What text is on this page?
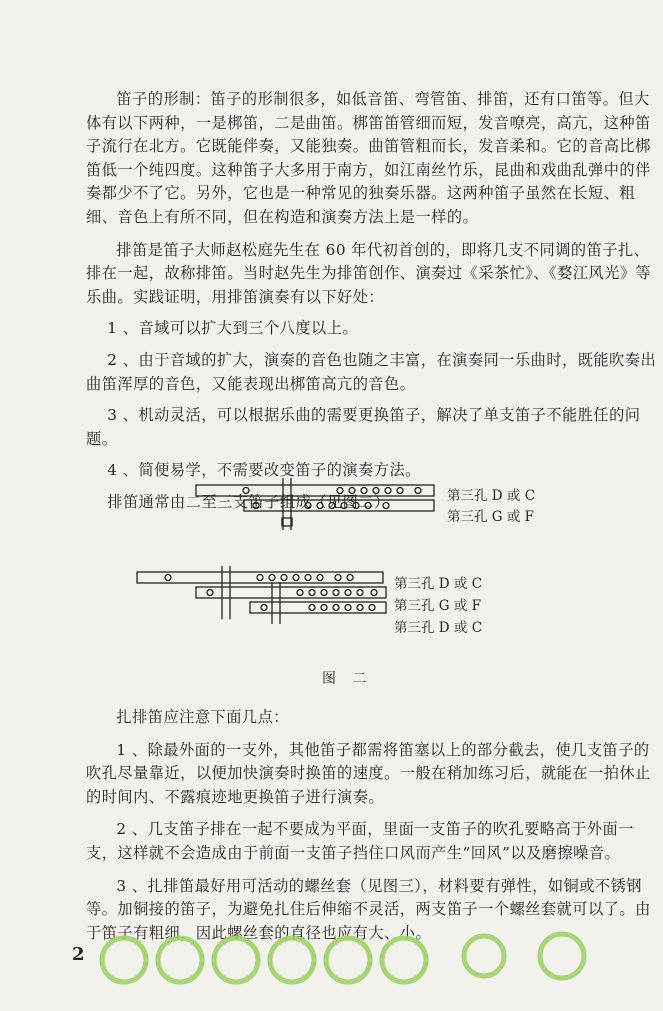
笛子的形制：笛子的形制很多，如低音笛、弯管笛、排笛，还有口笛等。但大体有以下两种，一是梆笛，二是曲笛。梆笛笛管细而短，发音嘹亮，高亢，这种笛子流行在北方。它既能伴奏，又能独奏。曲笛管粗而长，发音柔和。它的音高比梆笛低一个纯四度。这种笛子大多用于南方，如江南丝竹乐，昆曲和戏曲乱弹中的伴奏都少不了它。另外，它也是一种常见的独奏乐器。这两种笛子虽然在长短、粗细、音色上有所不同，但在构造和演奏方法上是一样的。

排笛是笛子大师赵松庭先生在 60 年代初首创的，即将几支不同调的笛子扎、排在一起，故称排笛。当时赵先生为排笛创作、演奏过《采茶忙》、《婺江风光》等乐曲。实践证明，用排笛演奏有以下好处：

1 、音域可以扩大到三个八度以上。

2 、由于音域的扩大，演奏的音色也随之丰富，在演奏同一乐曲时，既能吹奏出曲笛浑厚的音色，又能表现出梆笛高亢的音色。

3 、机动灵活，可以根据乐曲的需要更换笛子，解决了单支笛子不能胜任的问题。

4 、简便易学，不需要改变笛子的演奏方法。

排笛通常由二至三支笛子组成（见图二）	第三孔 D 或 C
第三孔 G 或 F
第三孔 D 或 C
第三孔 G 或 F
第三孔 D 或 C
图 二

扎排笛应注意下面几点：

1 、除最外面的一支外，其他笛子都需将笛塞以上的部分截去，使几支笛子的吹孔尽量靠近，以便加快演奏时换笛的速度。一般在稍加练习后，就能在一拍休止的时间内、不露痕迹地更换笛子进行演奏。

2 、几支笛子排在一起不要成为平面，里面一支笛子的吹孔要略高于外面一支，这样就不会造成由于前面一支笛子挡住口风而产生“回风”以及磨擦噪音。

3 、扎排笛最好用可活动的螺丝套（见图三），材料要有弹性，如铜或不锈钢等。加铜接的笛子，为避免扎住后伸缩不灵活，两支笛子一个螺丝套就可以了。由于笛子有粗细，因此螺丝套的直径也应有大、小。

2
